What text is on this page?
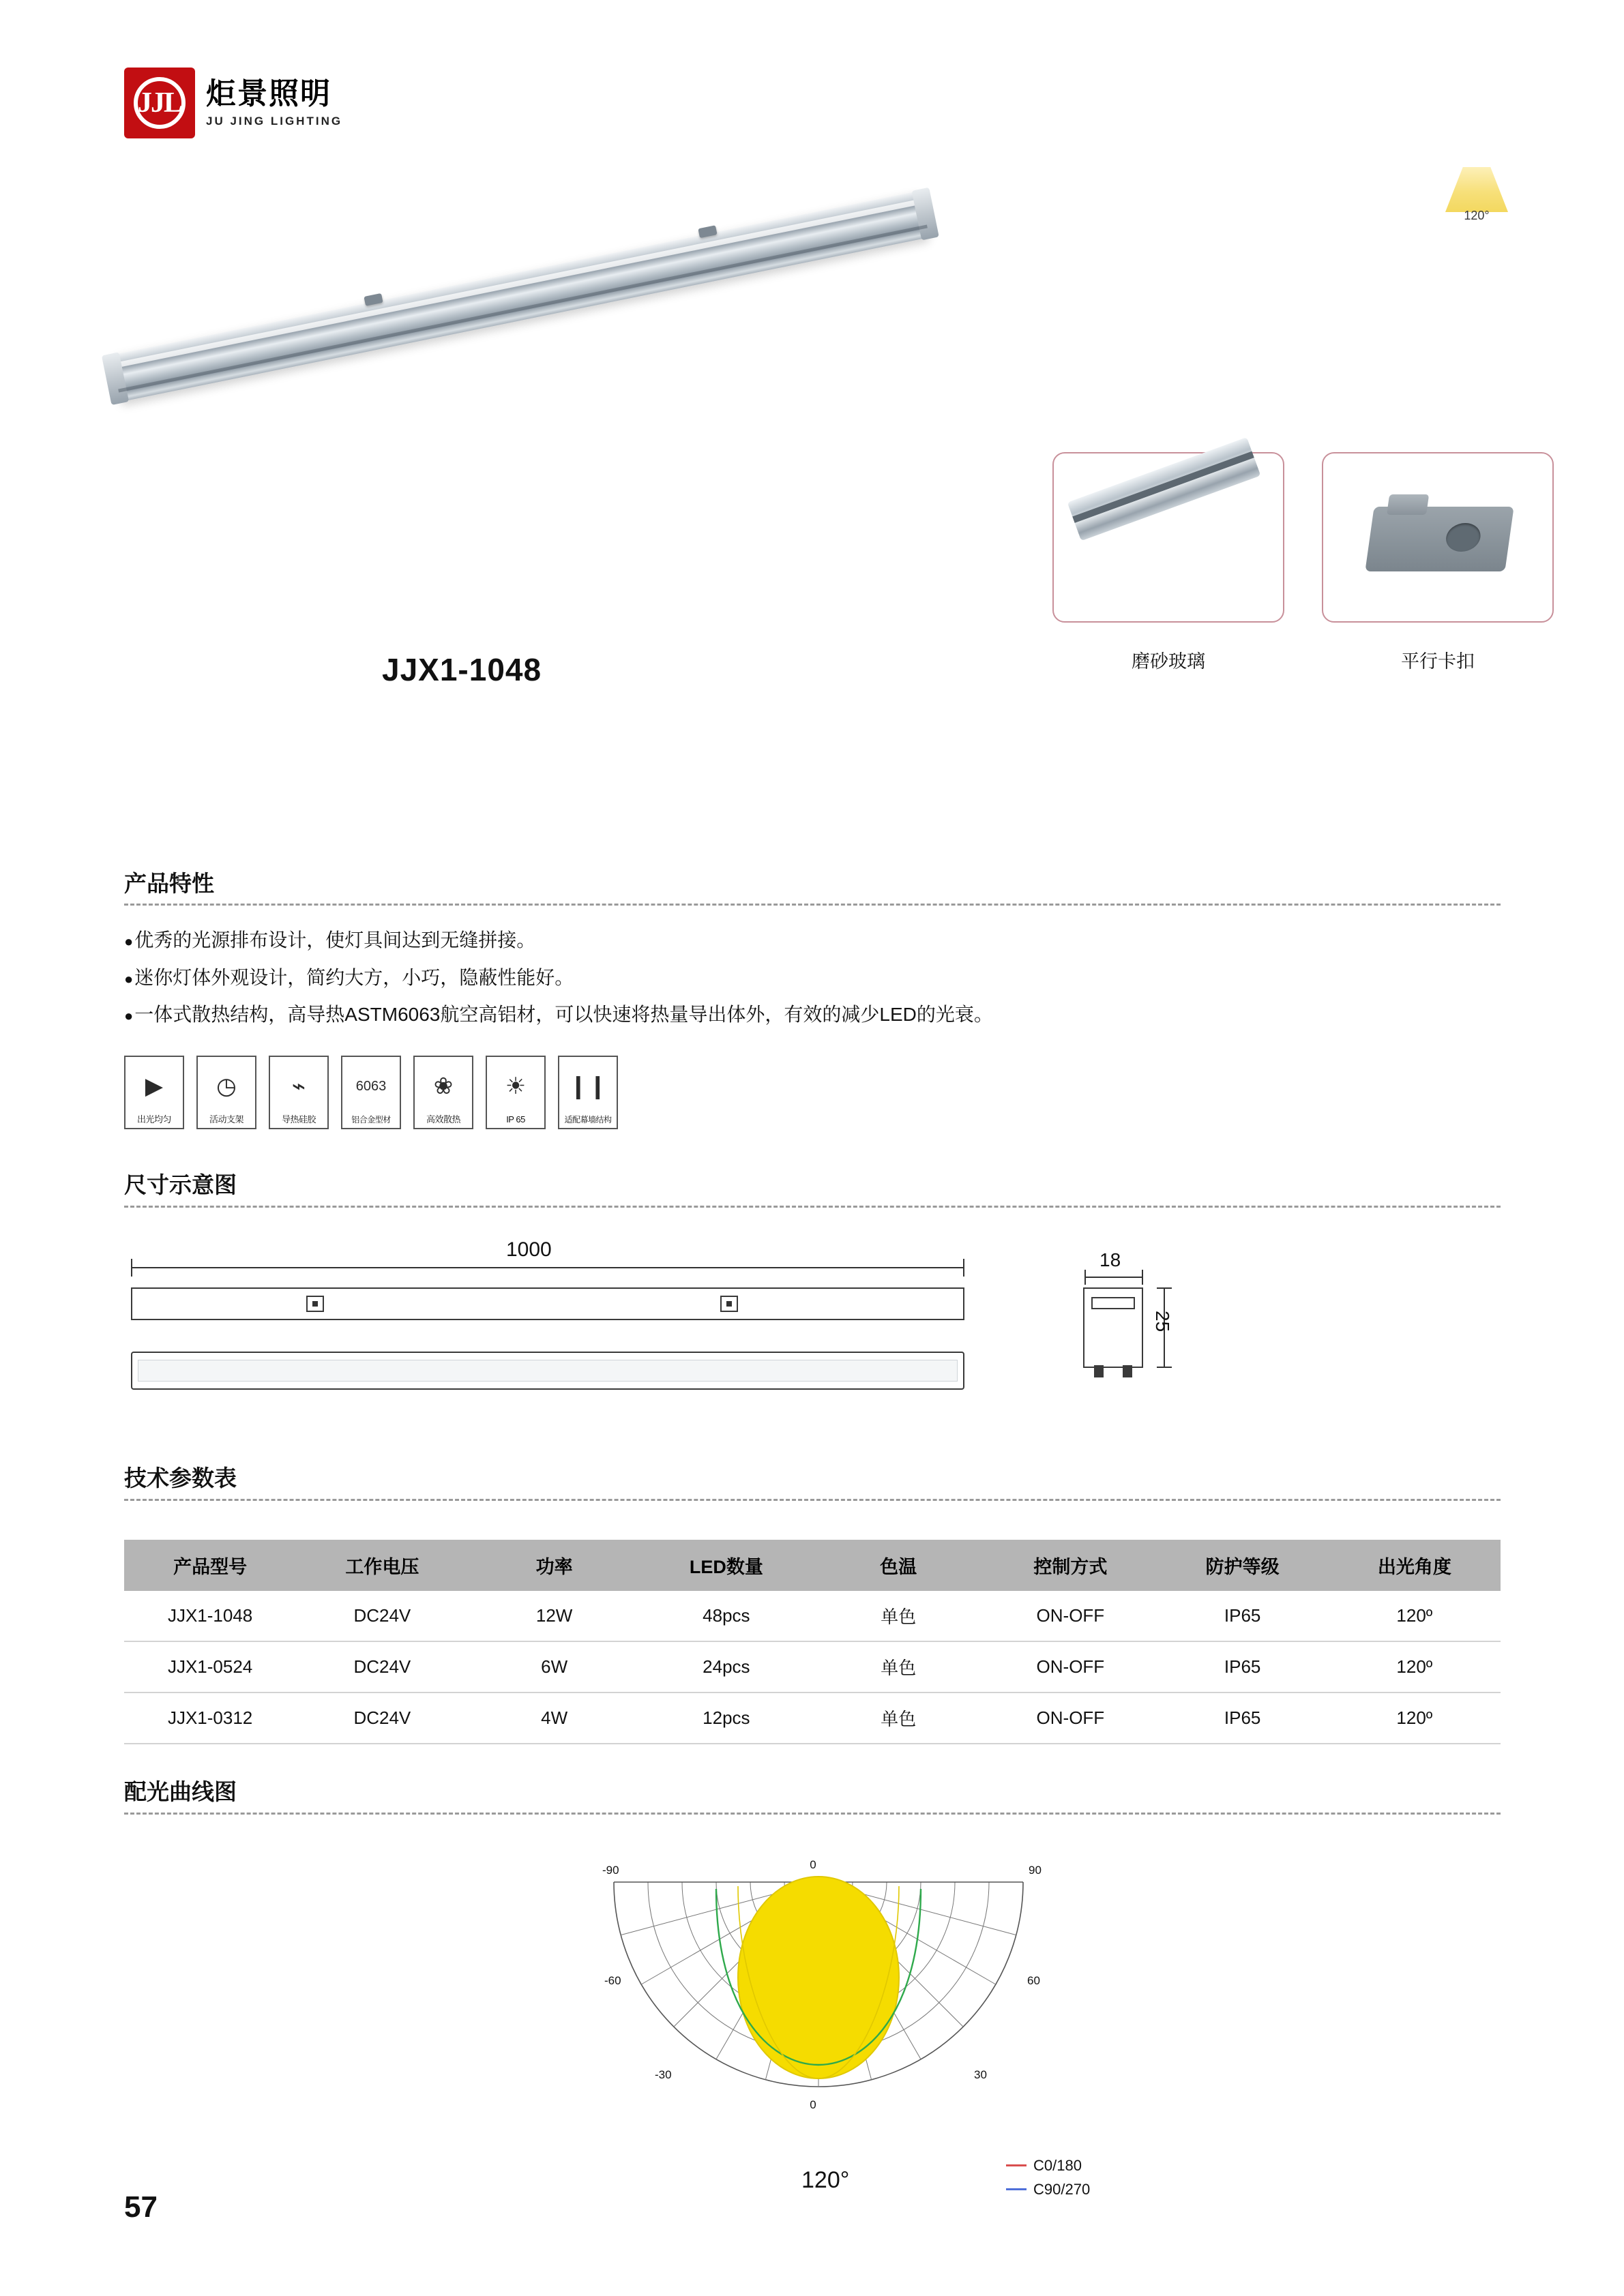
JJL 炬景照明
JU JING LIGHTING
120°
JJX1-1048	磨砂玻璃	平行卡扣
产品特性
●优秀的光源排布设计，使灯具间达到无缝拼接。
●迷你灯体外观设计，简约大方，小巧，隐蔽性能好。
●一体式散热结构，高导热ASTM6063航空高铝材，可以快速将热量导出体外，有效的减少LED的光衰。
▶
出光均匀
◷
活动支架
⌁
导热硅胶
6063
铝合金型材
❀
高效散热
☀
IP 65
❙❙
适配幕墙结构
尺寸示意图
1000	18
25
技术参数表
产品型号	工作电压	功率	LED数量	色温	控制方式	防护等级	出光角度
JJX1-1048	DC24V	12W	48pcs	单色	ON-OFF	IP65	120º
JJX1-0524	DC24V	6W	24pcs	单色	ON-OFF	IP65	120º
JJX1-0312	DC24V	4W	12pcs	单色	ON-OFF	IP65	120º
配光曲线图
0
-90	90
-60	60
-30	30
0
120°
C0/180
C90/270
57
